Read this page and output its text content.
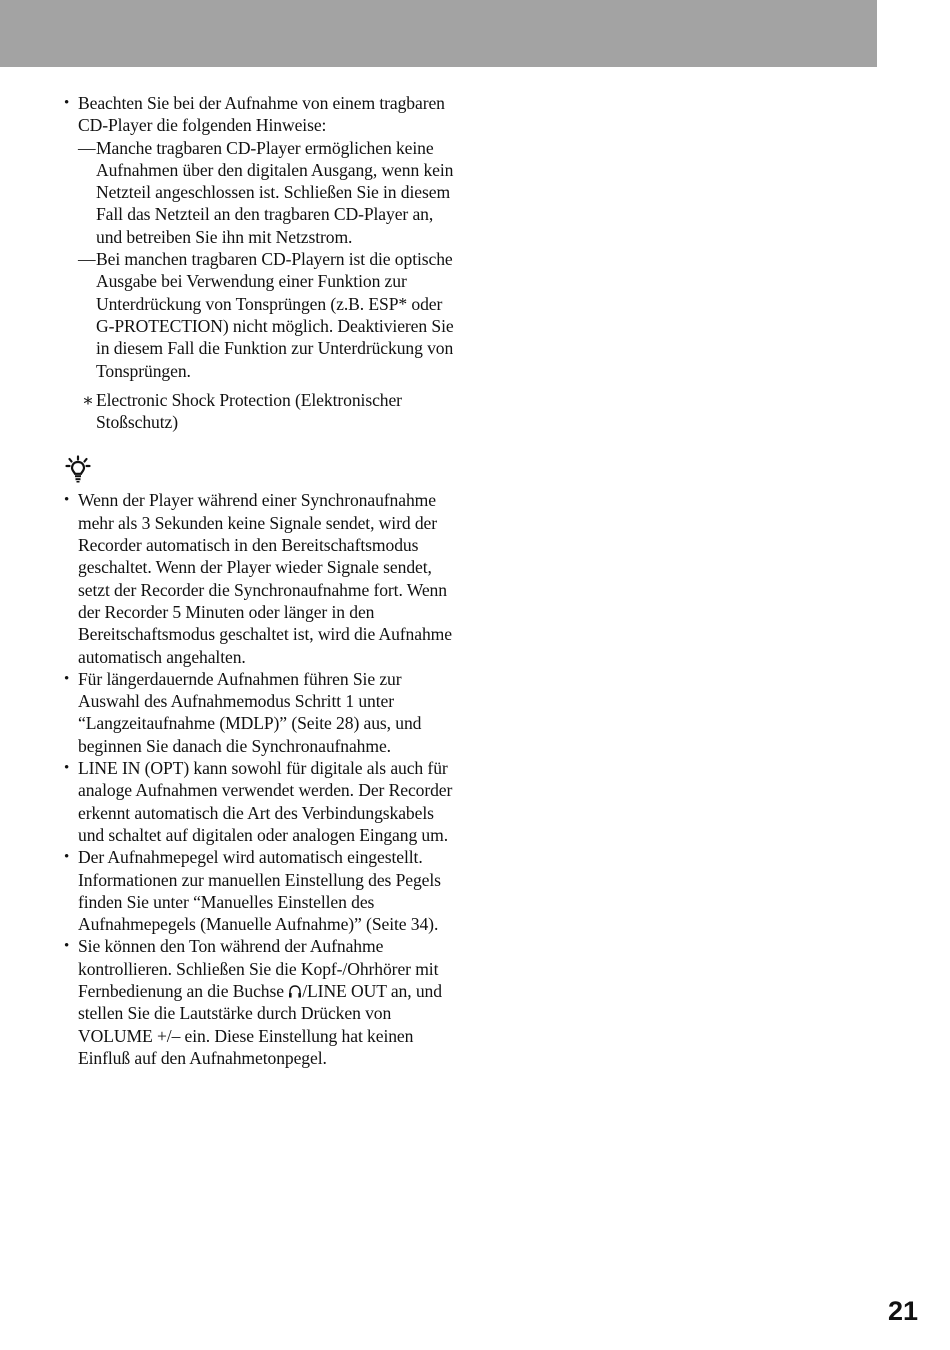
• Beachten Sie bei der Aufnahme von einem tragbaren CD-Player die folgenden Hinweise:

— Manche tragbaren CD-Player ermöglichen keine Aufnahmen über den digitalen Ausgang, wenn kein Netzteil angeschlossen ist. Schließen Sie in diesem Fall das Netzteil an den tragbaren CD-Player an, und betreiben Sie ihn mit Netzstrom.

— Bei manchen tragbaren CD-Playern ist die optische Ausgabe bei Verwendung einer Funktion zur Unterdrückung von Tonsprüngen (z.B. ESP* oder G-PROTECTION) nicht möglich. Deaktivieren Sie in diesem Fall die Funktion zur Unterdrückung von Tonsprüngen.

∗ Electronic Shock Protection (Elektronischer Stoßschutz)

• Wenn der Player während einer Synchronaufnahme mehr als 3 Sekunden keine Signale sendet, wird der Recorder automatisch in den Bereitschaftsmodus geschaltet. Wenn der Player wieder Signale sendet, setzt der Recorder die Synchronaufnahme fort. Wenn der Recorder 5 Minuten oder länger in den Bereitschaftsmodus geschaltet ist, wird die Aufnahme automatisch angehalten.

• Für längerdauernde Aufnahmen führen Sie zur Auswahl des Aufnahmemodus Schritt 1 unter “Langzeitaufnahme (MDLP)” (Seite 28) aus, und beginnen Sie danach die Synchronaufnahme.

• LINE IN (OPT) kann sowohl für digitale als auch für analoge Aufnahmen verwendet werden. Der Recorder erkennt automatisch die Art des Verbindungskabels und schaltet auf digitalen oder analogen Eingang um.

• Der Aufnahmepegel wird automatisch eingestellt. Informationen zur manuellen Einstellung des Pegels finden Sie unter “Manuelles Einstellen des Aufnahmepegels (Manuelle Aufnahme)” (Seite 34).

• Sie können den Ton während der Aufnahme kontrollieren. Schließen Sie die Kopf-/Ohrhörer mit Fernbedienung an die Buchse /LINE OUT an, und stellen Sie die Lautstärke durch Drücken von VOLUME +/– ein. Diese Einstellung hat keinen Einfluß auf den Aufnahmetonpegel.

21
